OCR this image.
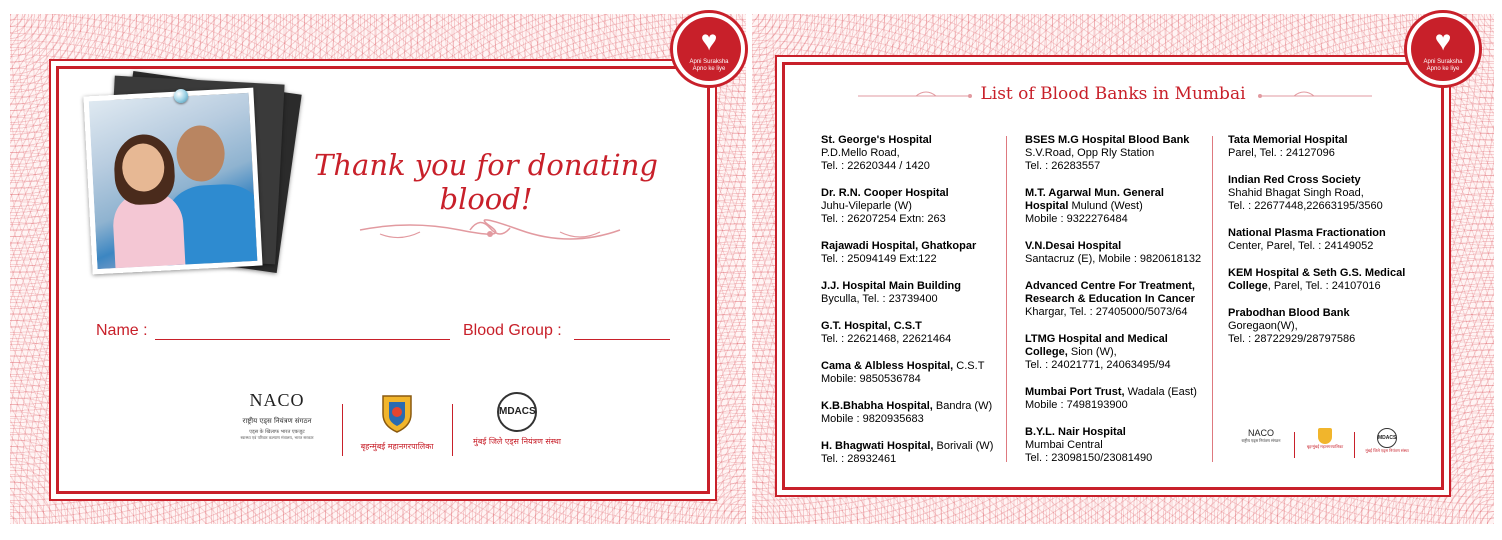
Thank you for donating blood!
Name :	Blood Group :
NACO
राष्ट्रीय एड्स नियंत्रण संगठन
एड्स के खिलाफ भारत एकजुट
स्वास्थ्य एवं परिवार कल्याण मंत्रालय, भारत सरकार
बृहन्मुंबई महानगरपालिका
MDACS
मुंबई जिले एड्स नियंत्रण संस्था
♥
Apni Suraksha
Apno ke liye
♥
Apni Suraksha
Apno ke liye
List of Blood Banks in Mumbai
St. George's Hospital
P.D.Mello Road,
Tel. : 22620344 / 1420
Dr. R.N. Cooper Hospital
Juhu-Vileparle (W)
Tel. : 26207254 Extn: 263
Rajawadi Hospital, Ghatkopar
Tel. : 25094149 Ext:122
J.J. Hospital Main Building
Byculla, Tel. : 23739400
G.T. Hospital, C.S.T
Tel. : 22621468, 22621464
Cama & Albless Hospital, C.S.T
Mobile: 9850536784
K.B.Bhabha Hospital, Bandra (W)
Mobile : 9820935683
H. Bhagwati Hospital, Borivali (W)
Tel. : 28932461
BSES M.G Hospital Blood Bank
S.V.Road, Opp Rly Station
Tel. : 26283557
M.T. Agarwal Mun. General
Hospital Mulund (West)
Mobile : 9322276484
V.N.Desai Hospital
Santacruz (E), Mobile : 9820618132
Advanced Centre For Treatment,
Research & Education In Cancer
Khargar, Tel. : 27405000/5073/64
LTMG Hospital and Medical
College, Sion (W),
Tel. : 24021771, 24063495/94
Mumbai Port Trust, Wadala (East)
Mobile : 7498193900
B.Y.L. Nair Hospital
Mumbai Central
Tel. : 23098150/23081490
Tata Memorial Hospital
Parel, Tel. : 24127096
Indian Red Cross Society
Shahid Bhagat Singh Road,
Tel. : 22677448,22663195/3560
National Plasma Fractionation
Center, Parel, Tel. : 24149052
KEM Hospital & Seth G.S. Medical
College, Parel, Tel. : 24107016
Prabodhan Blood Bank
Goregaon(W),
Tel. : 28722929/28797586
NACO
राष्ट्रीय एड्स नियंत्रण संगठन
बृहन्मुंबई महानगरपालिका
MDACS
मुंबई जिले एड्स नियंत्रण संस्था
